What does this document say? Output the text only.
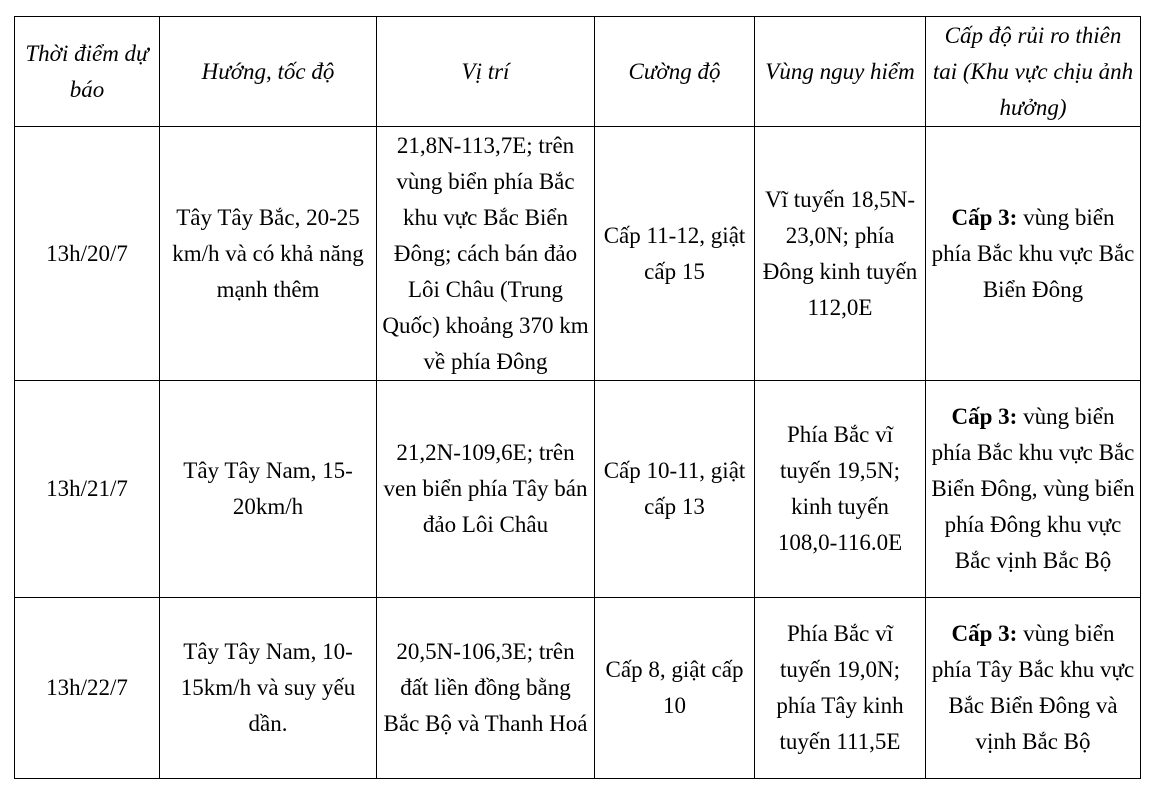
Thời điểm dự báo	Hướng, tốc độ	Vị trí	Cường độ	Vùng nguy hiểm	Cấp độ rủi ro thiên tai (Khu vực chịu ảnh hưởng)
13h/20/7	Tây Tây Bắc, 20-25 km/h và có khả năng mạnh thêm	21,8N-113,7E; trên vùng biển phía Bắc khu vực Bắc Biển Đông; cách bán đảo Lôi Châu (Trung Quốc) khoảng 370 km về phía Đông	Cấp 11-12, giật cấp 15	Vĩ tuyến 18,5N-23,0N; phía Đông kinh tuyến 112,0E	Cấp 3: vùng biển phía Bắc khu vực Bắc Biển Đông
13h/21/7	Tây Tây Nam, 15-20km/h	21,2N-109,6E; trên ven biển phía Tây bán đảo Lôi Châu	Cấp 10-11, giật cấp 13	Phía Bắc vĩ tuyến 19,5N; kinh tuyến 108,0-116.0E	Cấp 3: vùng biển phía Bắc khu vực Bắc Biển Đông, vùng biển phía Đông khu vực Bắc vịnh Bắc Bộ
13h/22/7	Tây Tây Nam, 10-15km/h và suy yếu dần.	20,5N-106,3E; trên đất liền đồng bằng Bắc Bộ và Thanh Hoá	Cấp 8, giật cấp 10	Phía Bắc vĩ tuyến 19,0N; phía Tây kinh tuyến 111,5E	Cấp 3: vùng biển phía Tây Bắc khu vực Bắc Biển Đông và vịnh Bắc Bộ
